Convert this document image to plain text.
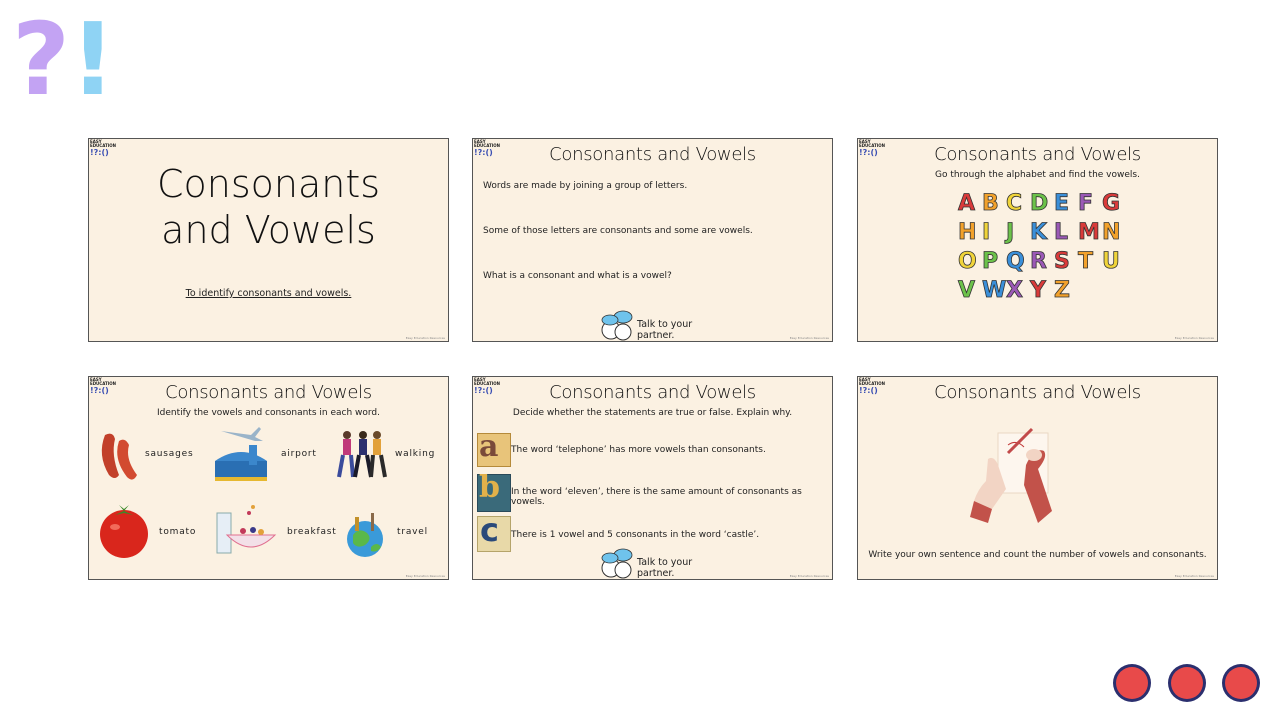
? !
EASY EDUCATION
!?:()
Consonants and Vowels
To identify consonants and vowels.
Easy Education Resources
EASY EDUCATION
!?:()	Consonants and Vowels
Words are made by joining a group of letters.
Some of those letters are consonants and some are vowels.
What is a consonant and what is a vowel?
Talk to your partner.	Easy Education Resources
EASY EDUCATION
!?:()	Consonants and Vowels
Go through the alphabet and find the vowels.
A B C D E F G
H I J K L M N
O P Q R S T U
V W X Y Z
Easy Education Resources
EASY EDUCATION
!?:()	Consonants and Vowels
Identify the vowels and consonants in each word.
sausages	airport	walking
tomato	breakfast	travel
Easy Education Resources
EASY EDUCATION
!?:()	Consonants and Vowels
Decide whether the statements are true or false. Explain why.
a The word ‘telephone’ has more vowels than consonants.
b In the word ‘eleven’, there is the same amount of consonants as vowels.
c There is 1 vowel and 5 consonants in the word ‘castle’.
Talk to your partner.	Easy Education Resources
EASY EDUCATION
!?:()	Consonants and Vowels
Write your own sentence and count the number of vowels and consonants.
Easy Education Resources
